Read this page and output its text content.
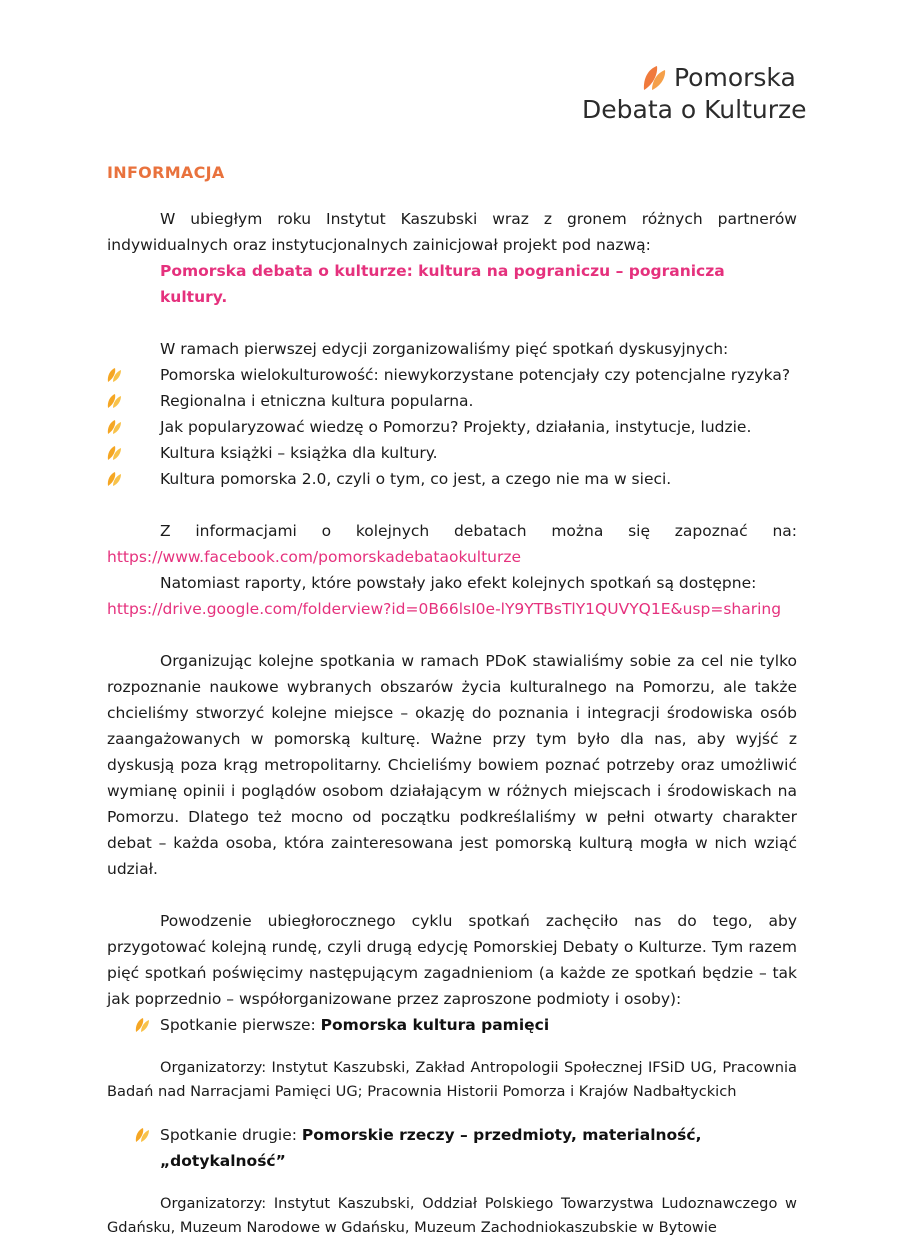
Pomorska
Debata o Kulturze
INFORMACJA

W ubiegłym roku Instytut Kaszubski wraz z gronem różnych partnerów indywidualnych oraz instytucjonalnych zainicjował projekt pod nazwą:

Pomorska debata o kulturze: kultura na pograniczu – pogranicza kultury.

W ramach pierwszej edycji zorganizowaliśmy pięć spotkań dyskusyjnych:

Pomorska wielokulturowość: niewykorzystane potencjały czy potencjalne ryzyka?
Regionalna i etniczna kultura popularna.
Jak popularyzować wiedzę o Pomorzu? Projekty, działania, instytucje, ludzie.
Kultura książki – książka dla kultury.
Kultura pomorska 2.0, czyli o tym, co jest, a czego nie ma w sieci.

Z informacjami o kolejnych debatach można się zapoznać na:

https://www.facebook.com/pomorskadebataokulturze

Natomiast raporty, które powstały jako efekt kolejnych spotkań są dostępne:

https://drive.google.com/folderview?id=0B66lsI0e-lY9YTBsTlY1QUVYQ1E&usp=sharing

Organizując kolejne spotkania w ramach PDoK stawialiśmy sobie za cel nie tylko rozpoznanie naukowe wybranych obszarów życia kulturalnego na Pomorzu, ale także chcieliśmy stworzyć kolejne miejsce – okazję do poznania i integracji środowiska osób zaangażowanych w pomorską kulturę. Ważne przy tym było dla nas, aby wyjść z dyskusją poza krąg metropolitarny. Chcieliśmy bowiem poznać potrzeby oraz umożliwić wymianę opinii i poglądów osobom działającym w różnych miejscach i środowiskach na Pomorzu. Dlatego też mocno od początku podkreślaliśmy w pełni otwarty charakter debat – każda osoba, która zainteresowana jest pomorską kulturą mogła w nich wziąć udział.

Powodzenie ubiegłorocznego cyklu spotkań zachęciło nas do tego, aby przygotować kolejną rundę, czyli drugą edycję Pomorskiej Debaty o Kulturze. Tym razem pięć spotkań poświęcimy następującym zagadnieniom (a każde ze spotkań będzie – tak jak poprzednio – współorganizowane przez zaproszone podmioty i osoby):

Spotkanie pierwsze: Pomorska kultura pamięci

Organizatorzy: Instytut Kaszubski, Zakład Antropologii Społecznej IFSiD UG, Pracownia Badań nad Narracjami Pamięci UG; Pracownia Historii Pomorza i Krajów Nadbałtyckich

Spotkanie drugie: Pomorskie rzeczy – przedmioty, materialność, „dotykalność”

Organizatorzy: Instytut Kaszubski, Oddział Polskiego Towarzystwa Ludoznawczego w Gdańsku, Muzeum Narodowe w Gdańsku, Muzeum Zachodniokaszubskie w Bytowie
